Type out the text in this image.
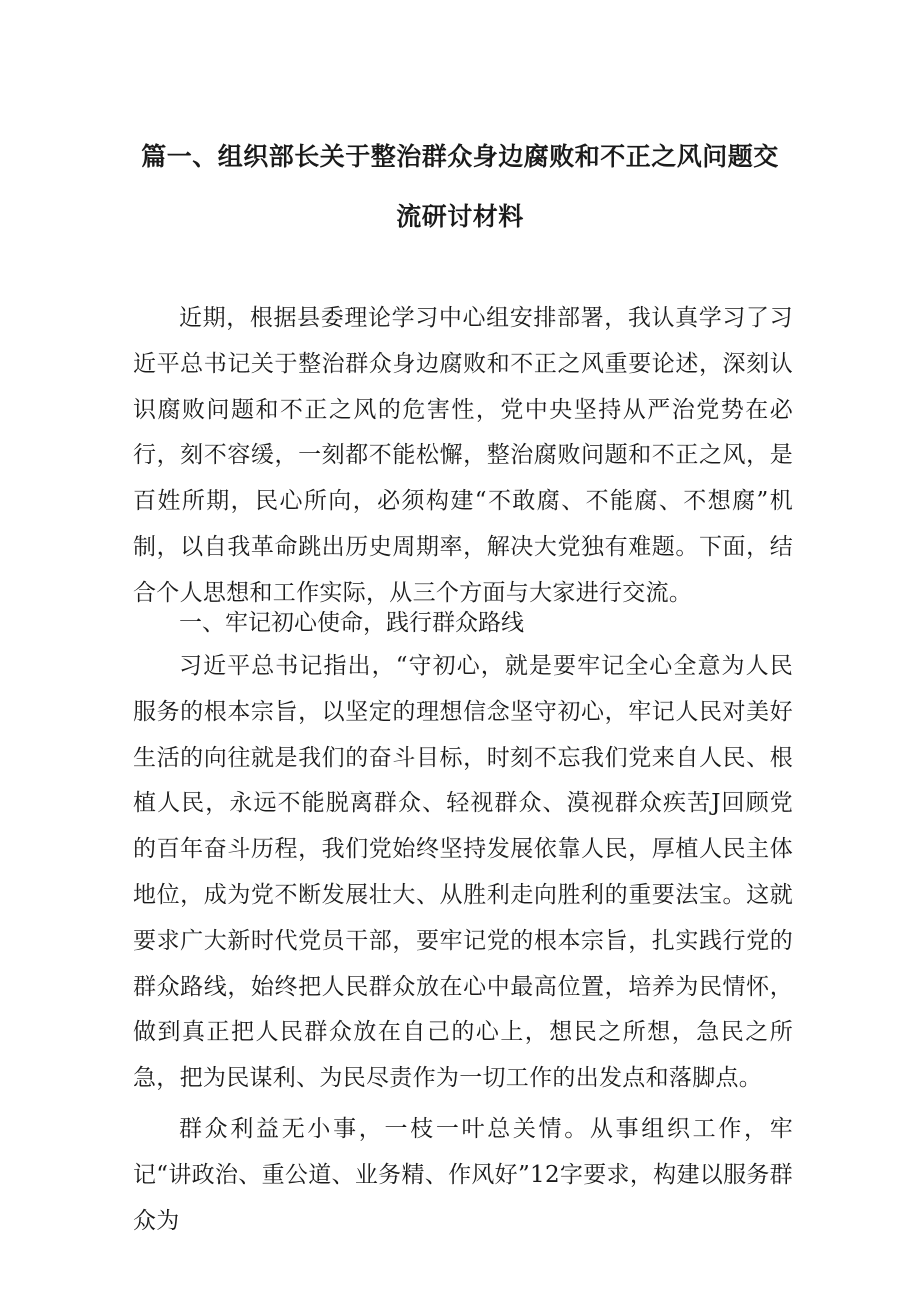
篇一、组织部长关于整治群众身边腐败和不正之风问题交
流研讨材料
近期，根据县委理论学习中心组安排部署，我认真学习了习近平总书记关于整治群众身边腐败和不正之风重要论述，深刻认识腐败问题和不正之风的危害性，党中央坚持从严治党势在必行，刻不容缓，一刻都不能松懈，整治腐败问题和不正之风，是百姓所期，民心所向，必须构建“不敢腐、不能腐、不想腐”机制，以自我革命跳出历史周期率，解决大党独有难题。下面，结合个人思想和工作实际，从三个方面与大家进行交流。
一、牢记初心使命，践行群众路线
习近平总书记指出，“守初心，就是要牢记全心全意为人民服务的根本宗旨，以坚定的理想信念坚守初心，牢记人民对美好生活的向往就是我们的奋斗目标，时刻不忘我们党来自人民、根植人民，永远不能脱离群众、轻视群众、漠视群众疾苦J回顾党的百年奋斗历程，我们党始终坚持发展依靠人民，厚植人民主体地位，成为党不断发展壮大、从胜利走向胜利的重要法宝。这就要求广大新时代党员干部，要牢记党的根本宗旨，扎实践行党的群众路线，始终把人民群众放在心中最高位置，培养为民情怀，做到真正把人民群众放在自己的心上，想民之所想，急民之所急，把为民谋利、为民尽责作为一切工作的出发点和落脚点。
群众利益无小事，一枝一叶总关情。从事组织工作，牢记“讲政治、重公道、业务精、作风好”12字要求，构建以服务群众为
